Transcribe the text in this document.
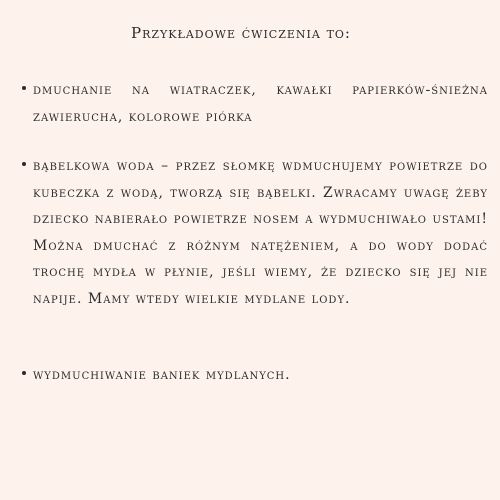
Przykładowe ćwiczenia to:
dmuchanie na wiatraczek, kawałki papierków-śnieżna zawierucha, kolorowe piórka
bąbelkowa woda – przez słomkę wdmuchujemy powietrze do kubeczka z wodą, tworzą się bąbelki. Zwracamy uwagę żeby dziecko nabierało powietrze nosem a wydmuchiwało ustami! Można dmuchać z różnym natężeniem, a do wody dodać trochę mydła w płynie, jeśli wiemy, że dziecko się jej nie napije. Mamy wtedy wielkie mydlane lody.
wydmuchiwanie baniek mydlanych.
